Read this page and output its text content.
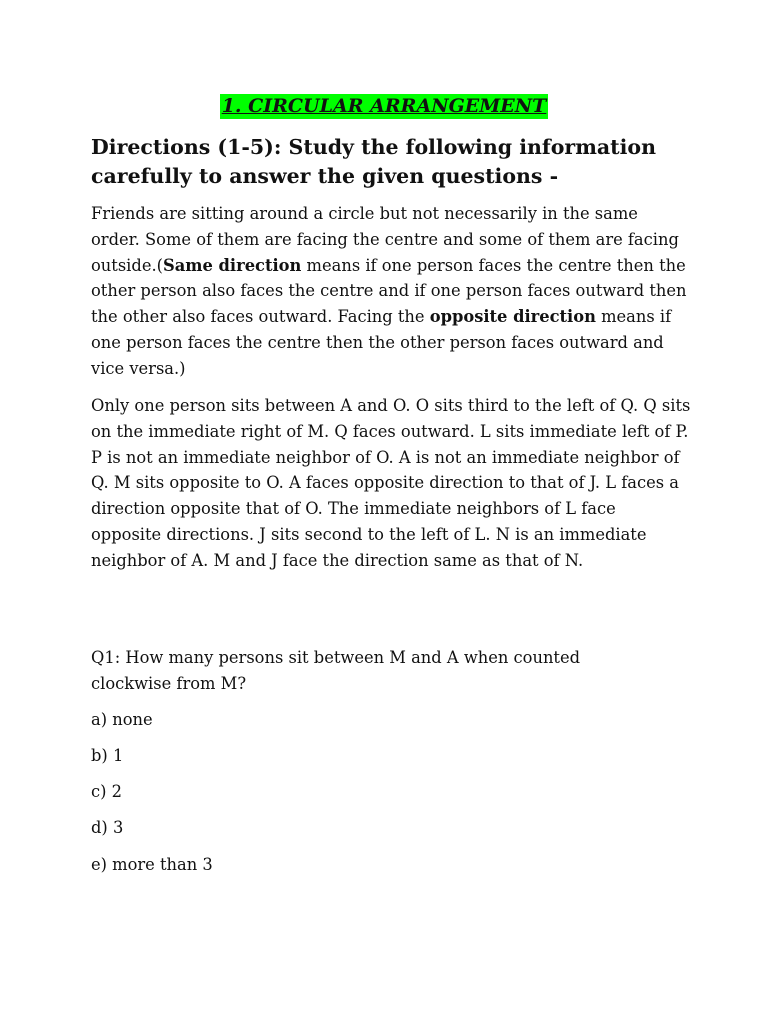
1. CIRCULAR ARRANGEMENT
Directions (1-5): Study the following information carefully to answer the given questions -

Friends are sitting around a circle but not necessarily in the same order. Some of them are facing the centre and some of them are facing outside.(Same direction means if one person faces the centre then the other person also faces the centre and if one person faces outward then the other also faces outward. Facing the opposite direction means if one person faces the centre then the other person faces outward and vice versa.)

Only one person sits between A and O. O sits third to the left of Q. Q sits on the immediate right of M. Q faces outward. L sits immediate left of P. P is not an immediate neighbor of O. A is not an immediate neighbor of Q. M sits opposite to O. A faces opposite direction to that of J. L faces a direction opposite that of O. The immediate neighbors of L face opposite directions. J sits second to the left of L. N is an immediate neighbor of A. M and J face the direction same as that of N.

Q1: How many persons sit between M and A when counted clockwise from M?
a) none
b) 1
c) 2
d) 3
e) more than 3
